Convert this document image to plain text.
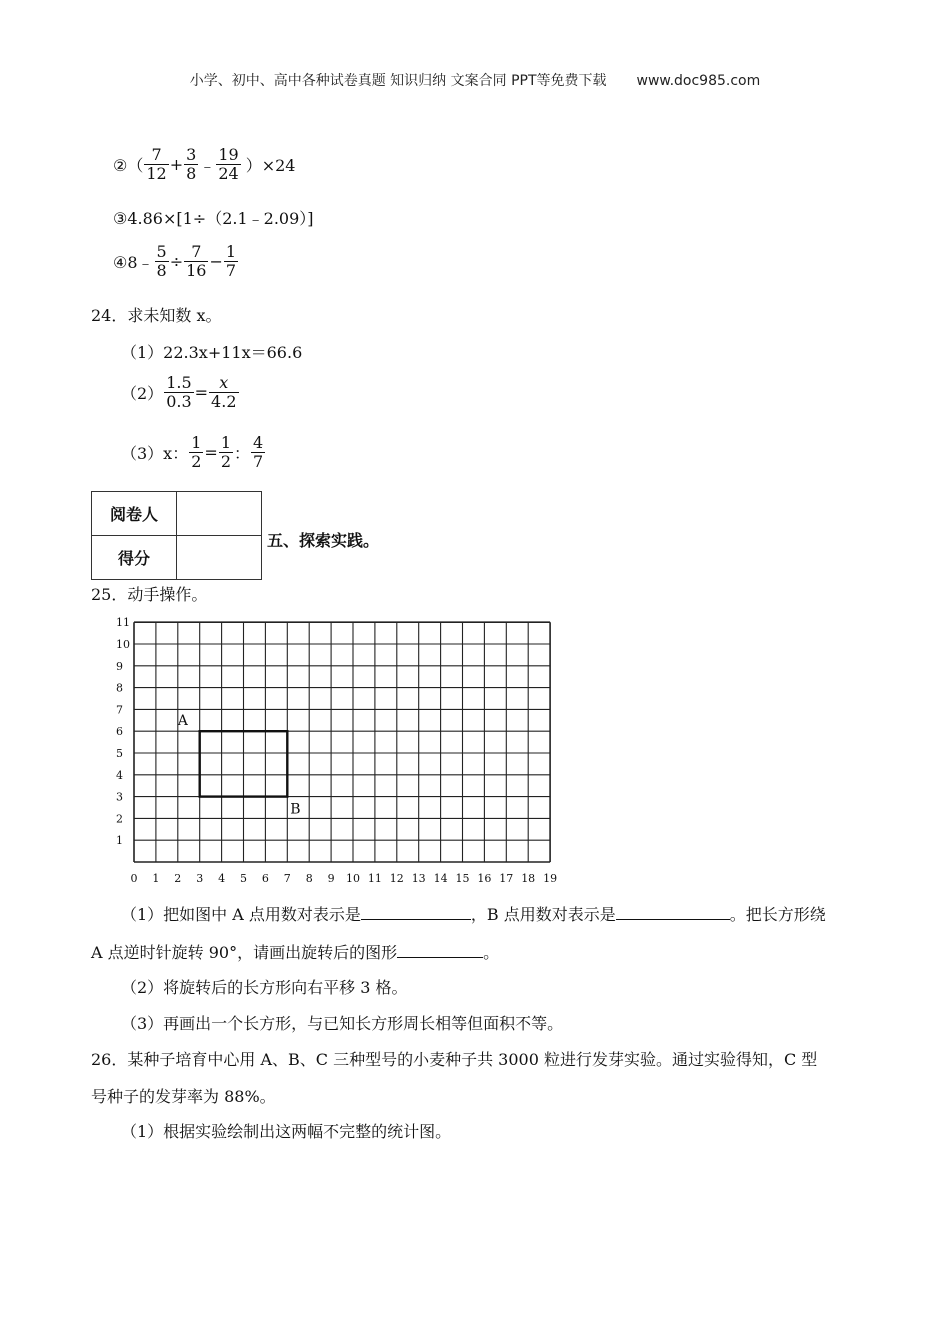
小学、初中、高中各种试卷真题 知识归纳 文案合同 PPT等免费下载 www.doc985.com
②（ $\frac{7}{12} + \frac{3}{8}$ ﹣ $\frac{19}{24} )\times 24$
③4.86×[1÷（2.1﹣2.09）]
④8﹣ $\frac{5}{8} \div \frac{7}{16} - \frac{1}{7}$
24．求未知数 x。
（1）22.3x+11x＝66.6
$(2) \frac{1.5}{0.3} = \frac{x}{4.2}$
（3）x： $\frac{1}{2} = \frac{1}{2}$ ： $\frac{4}{7}$
阅卷人	
得分	
五、探索实践。
25．动手操作。
1
2
3
4
5
6
7
8
9
10
11
0 1 2 3 4 5 6 7 8 9 10 11 12 13 14 15 16 17 18 19
A
B
（1）把如图中 A 点用数对表示是	，B 点用数对表示是	。把长方形绕
A 点逆时针旋转 90°，请画出旋转后的图形	。
（2）将旋转后的长方形向右平移 3 格。
（3）再画出一个长方形，与已知长方形周长相等但面积不等。
26．某种子培育中心用 A、B、C 三种型号的小麦种子共 3000 粒进行发芽实验。通过实验得知，C 型
号种子的发芽率为 88%。
（1）根据实验绘制出这两幅不完整的统计图。
